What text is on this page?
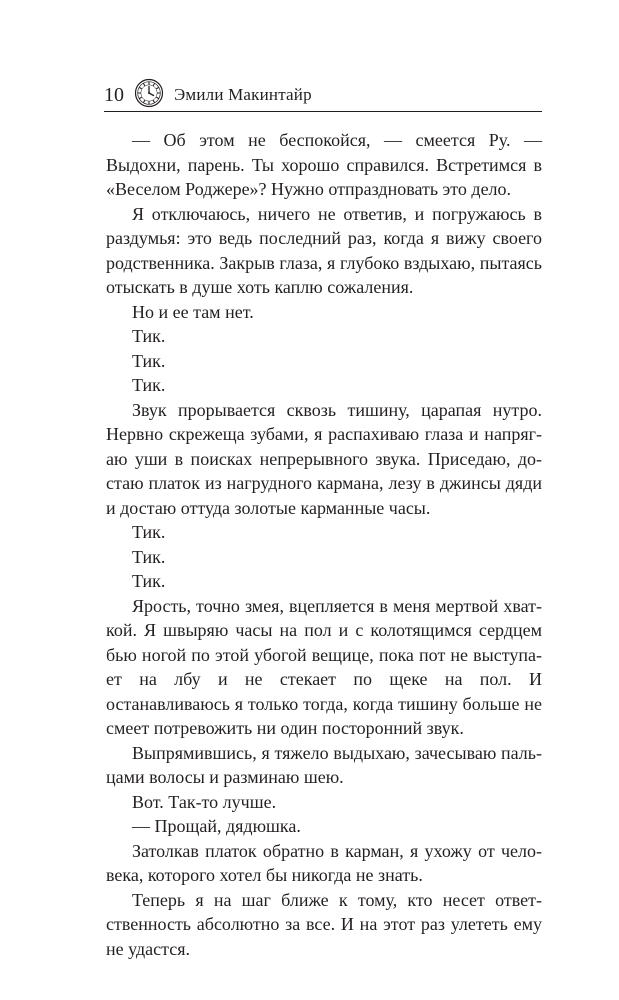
10	Эмили Макинтайр

— Об этом не беспокойся, — смеется Ру. — Выдохни, парень. Ты хорошо справился. Встретимся в «Веселом Роджере»? Нужно отпраздновать это дело.

Я отключаюсь, ничего не ответив, и погружаюсь в раздумья: это ведь последний раз, когда я вижу своего родственника. Закрыв глаза, я глубоко вздыхаю, пытаясь отыскать в душе хоть каплю сожаления.

Но и ее там нет.

Тик.

Тик.

Тик.

Звук прорывается сквозь тишину, царапая нутро. Нервно скрежеща зубами, я распахиваю глаза и напрягаю уши в поисках непрерывного звука. Приседаю, достаю платок из нагрудного кармана, лезу в джинсы дяди и достаю оттуда золотые карманные часы.

Тик.

Тик.

Тик.

Ярость, точно змея, вцепляется в меня мертвой хваткой. Я швыряю часы на пол и с колотящимся сердцем бью ногой по этой убогой вещице, пока пот не выступает на лбу и не стекает по щеке на пол. И останавливаюсь я только тогда, когда тишину больше не смеет потревожить ни один посторонний звук.

Выпрямившись, я тяжело выдыхаю, зачесываю пальцами волосы и разминаю шею.

Вот. Так-то лучше.

— Прощай, дядюшка.

Затолкав платок обратно в карман, я ухожу от человека, которого хотел бы никогда не знать.

Теперь я на шаг ближе к тому, кто несет ответственность абсолютно за все. И на этот раз улететь ему не удастся.
